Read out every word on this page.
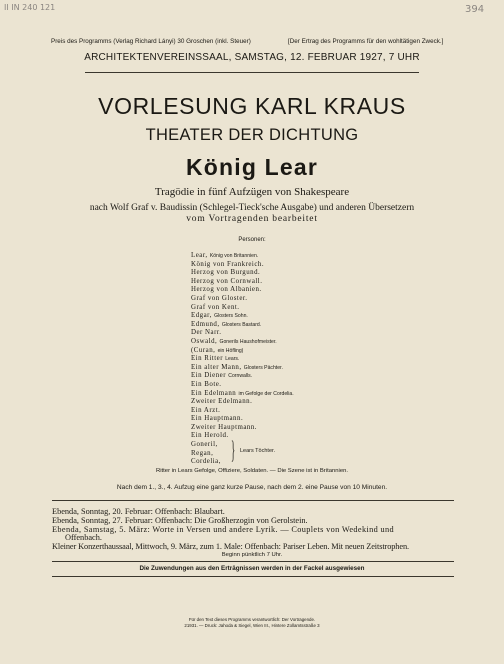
II IN 240 121	394
Preis des Programms (Verlag Richard Lányi) 30 Groschen (inkl. Steuer)	[Der Ertrag des Programms für den wohltätigen Zweck.]
ARCHITEKTENVEREINSSAAL, SAMSTAG, 12. FEBRUAR 1927, 7 UHR
VORLESUNG KARL KRAUS
THEATER DER DICHTUNG
König Lear
Tragödie in fünf Aufzügen von Shakespeare
nach Wolf Graf v. Baudissin (Schlegel-Tieck'sche Ausgabe) und anderen Übersetzern
vom Vortragenden bearbeitet
Personen:
Lear, König von Britannien.
König von Frankreich.
Herzog von Burgund.
Herzog von Cornwall.
Herzog von Albanien.
Graf von Gloster.
Graf von Kent.
Edgar, Glosters Sohn.
Edmund, Glosters Bastard.
Der Narr.
Oswald, Gonerils Haushofmeister.
(Curan, ein Höfling)
Ein Ritter Lears.
Ein alter Mann, Glosters Pächter.
Ein Diener Cornwalls.
Ein Bote.
Ein Edelmann im Gefolge der Cordelia.
Zweiter Edelmann.
Ein Arzt.
Ein Hauptmann.
Zweiter Hauptmann.
Ein Herold.
Goneril,
Regan,
Cordelia, } Lears Töchter.
Ritter in Lears Gefolge, Offiziere, Soldaten. — Die Szene ist in Britannien.
Nach dem 1., 3., 4. Aufzug eine ganz kurze Pause, nach dem 2. eine Pause von 10 Minuten.
Ebenda, Sonntag, 20. Februar: Offenbach: Blaubart.
Ebenda, Sonntag, 27. Februar: Offenbach: Die Großherzogin von Gerolstein.
Ebenda, Samstag, 5. März: Worte in Versen und andere Lyrik. — Couplets von Wedekind und
Offenbach.
Kleiner Konzerthaussaal, Mittwoch, 9. März, zum 1. Male: Offenbach: Pariser Leben. Mit neuen Zeitstrophen.
Beginn pünktlich 7 Uhr.
Die Zuwendungen aus den Erträgnissen werden in der Fackel ausgewiesen
Für den Text dieses Programms verantwortlich: Der Vortragende.
21931. — Druck: Jahoda & Siegel, Wien III., Hintere Zollamtsstraße 3
